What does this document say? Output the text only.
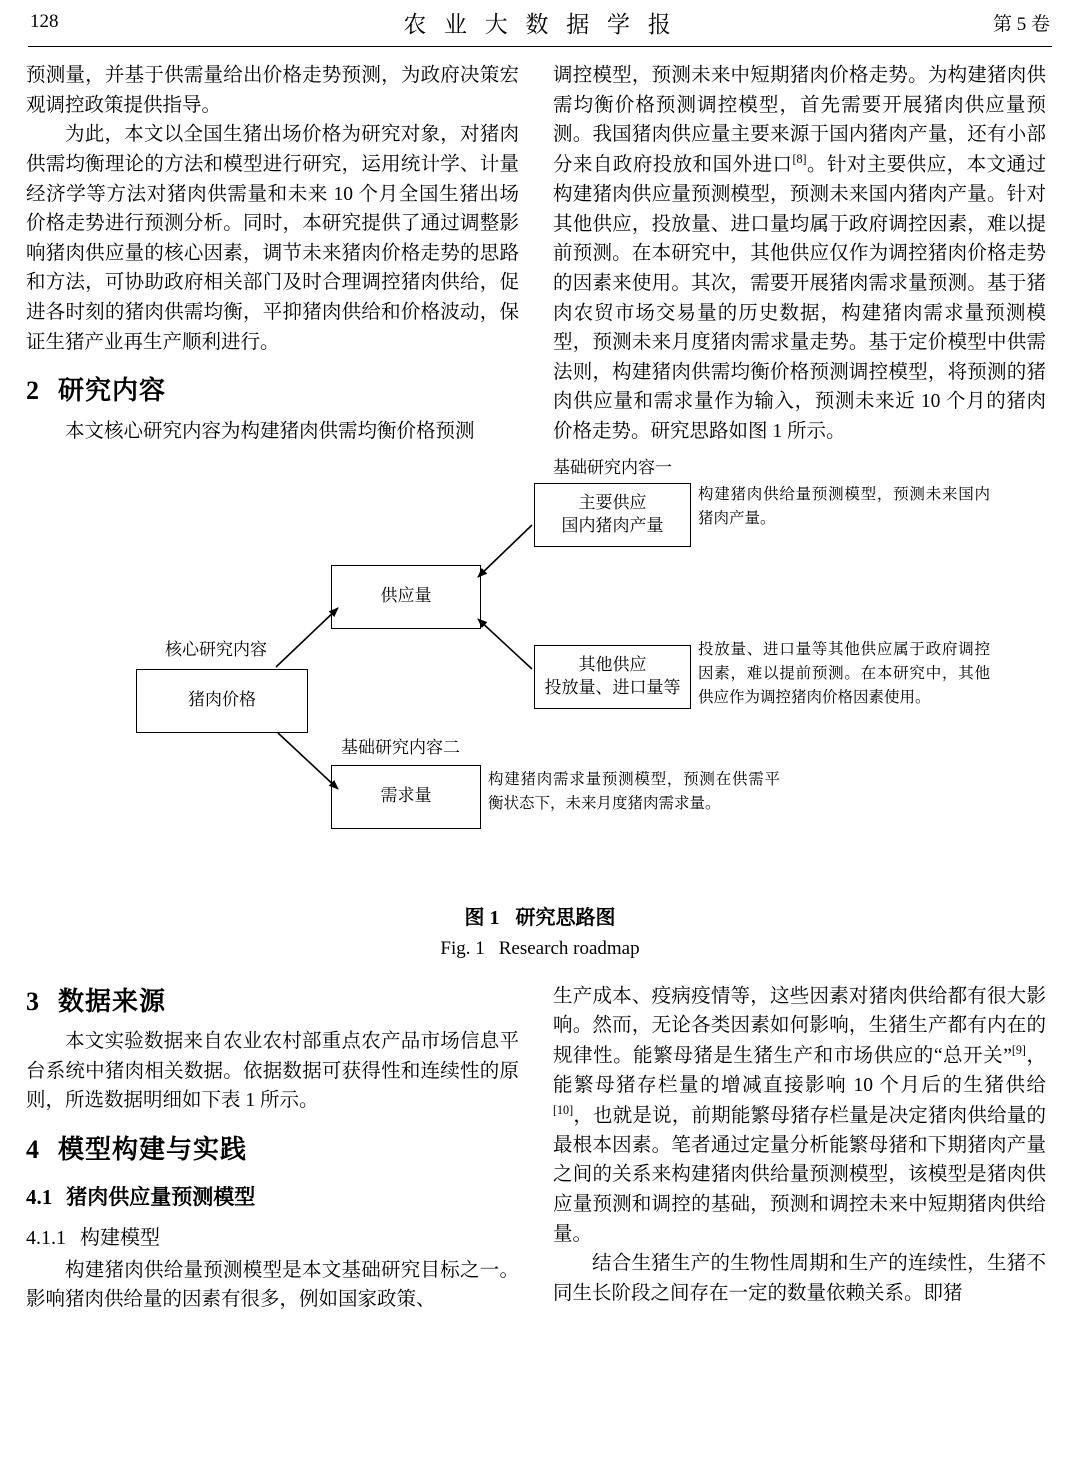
128	农 业 大 数 据 学 报	第 5 卷

预测量，并基于供需量给出价格走势预测，为政府决策宏观调控政策提供指导。

为此，本文以全国生猪出场价格为研究对象，对猪肉供需均衡理论的方法和模型进行研究，运用统计学、计量经济学等方法对猪肉供需量和未来 10 个月全国生猪出场价格走势进行预测分析。同时，本研究提供了通过调整影响猪肉供应量的核心因素，调节未来猪肉价格走势的思路和方法，可协助政府相关部门及时合理调控猪肉供给，促进各时刻的猪肉供需均衡，平抑猪肉供给和价格波动，保证生猪产业再生产顺利进行。

2 研究内容

本文核心研究内容为构建猪肉供需均衡价格预测

调控模型，预测未来中短期猪肉价格走势。为构建猪肉供需均衡价格预测调控模型，首先需要开展猪肉供应量预测。我国猪肉供应量主要来源于国内猪肉产量，还有小部分来自政府投放和国外进口[8]。针对主要供应，本文通过构建猪肉供应量预测模型，预测未来国内猪肉产量。针对其他供应，投放量、进口量均属于政府调控因素，难以提前预测。在本研究中，其他供应仅作为调控猪肉价格走势的因素来使用。其次，需要开展猪肉需求量预测。基于猪肉农贸市场交易量的历史数据，构建猪肉需求量预测模型，预测未来月度猪肉需求量走势。基于定价模型中供需法则，构建猪肉供需均衡价格预测调控模型，将预测的猪肉供应量和需求量作为输入，预测未来近 10 个月的猪肉价格走势。研究思路如图 1 所示。

核心研究内容
基础研究内容一
基础研究内容二
猪肉价格
供应量
需求量
主要供应
国内猪肉产量
其他供应
投放量、进口量等
构建猪肉供给量预测模型，预测未来国内猪肉产量。
投放量、进口量等其他供应属于政府调控因素，难以提前预测。在本研究中，其他供应作为调控猪肉价格因素使用。
构建猪肉需求量预测模型，预测在供需平衡状态下，未来月度猪肉需求量。
图 1 研究思路图
Fig. 1 Research roadmap
3 数据来源

本文实验数据来自农业农村部重点农产品市场信息平台系统中猪肉相关数据。依据数据可获得性和连续性的原则，所选数据明细如下表 1 所示。

4 模型构建与实践
4.1 猪肉供应量预测模型
4.1.1 构建模型

构建猪肉供给量预测模型是本文基础研究目标之一。影响猪肉供给量的因素有很多，例如国家政策、

生产成本、疫病疫情等，这些因素对猪肉供给都有很大影响。然而，无论各类因素如何影响，生猪生产都有内在的规律性。能繁母猪是生猪生产和市场供应的“总开关”[9]，能繁母猪存栏量的增减直接影响 10 个月后的生猪供给[10]，也就是说，前期能繁母猪存栏量是决定猪肉供给量的最根本因素。笔者通过定量分析能繁母猪和下期猪肉产量之间的关系来构建猪肉供给量预测模型，该模型是猪肉供应量预测和调控的基础，预测和调控未来中短期猪肉供给量。

结合生猪生产的生物性周期和生产的连续性，生猪不同生长阶段之间存在一定的数量依赖关系。即猪
